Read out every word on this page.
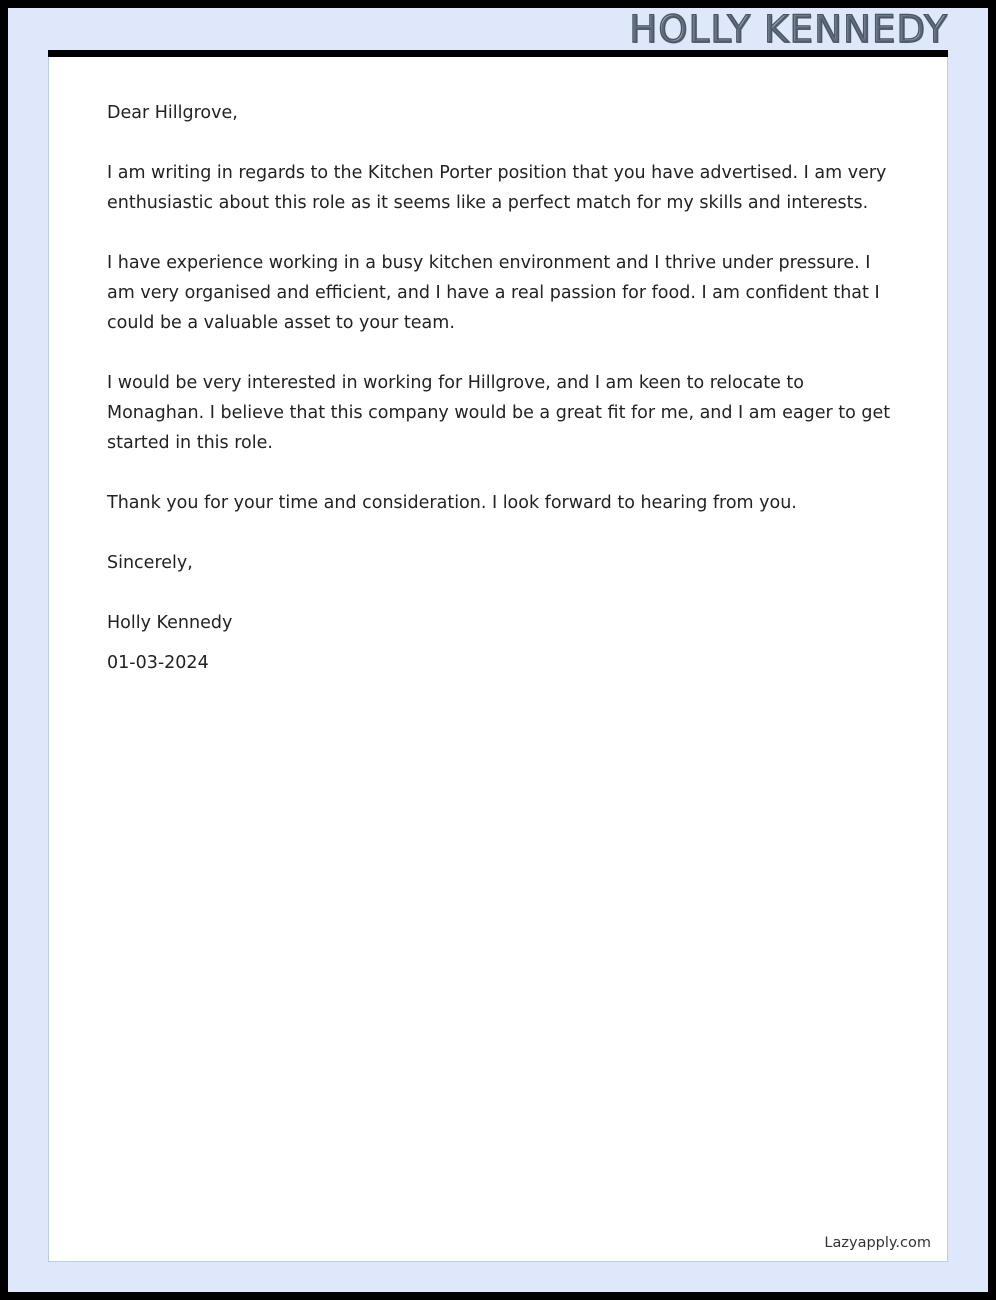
HOLLY KENNEDY

Dear Hillgrove,

I am writing in regards to the Kitchen Porter position that you have advertised. I am very enthusiastic about this role as it seems like a perfect match for my skills and interests.

I have experience working in a busy kitchen environment and I thrive under pressure. I am very organised and efficient, and I have a real passion for food. I am confident that I could be a valuable asset to your team.

I would be very interested in working for Hillgrove, and I am keen to relocate to Monaghan. I believe that this company would be a great fit for me, and I am eager to get started in this role.

Thank you for your time and consideration. I look forward to hearing from you.

Sincerely,

Holly Kennedy

01-03-2024

Lazyapply.com
